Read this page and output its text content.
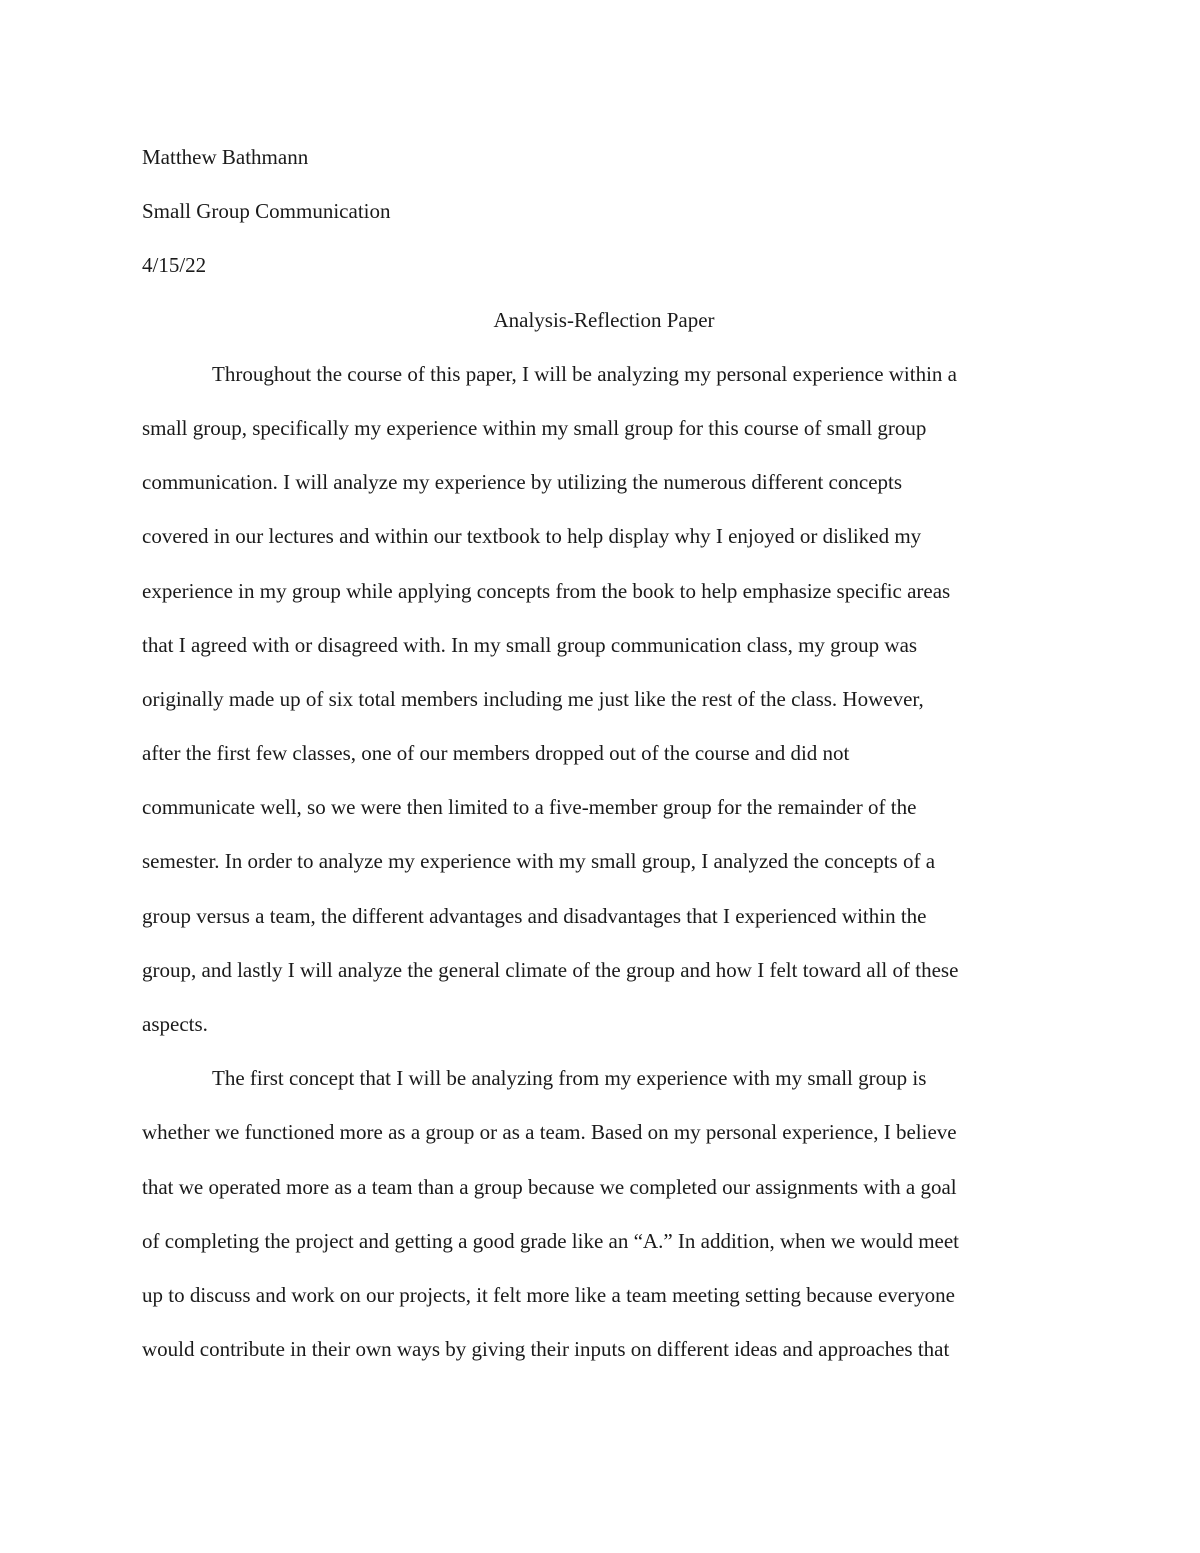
Matthew Bathmann
Small Group Communication
4/15/22
Analysis-Reflection Paper
Throughout the course of this paper, I will be analyzing my personal experience within a
small group, specifically my experience within my small group for this course of small group
communication. I will analyze my experience by utilizing the numerous different concepts
covered in our lectures and within our textbook to help display why I enjoyed or disliked my
experience in my group while applying concepts from the book to help emphasize specific areas
that I agreed with or disagreed with. In my small group communication class, my group was
originally made up of six total members including me just like the rest of the class. However,
after the first few classes, one of our members dropped out of the course and did not
communicate well, so we were then limited to a five-member group for the remainder of the
semester. In order to analyze my experience with my small group, I analyzed the concepts of a
group versus a team, the different advantages and disadvantages that I experienced within the
group, and lastly I will analyze the general climate of the group and how I felt toward all of these
aspects.
The first concept that I will be analyzing from my experience with my small group is
whether we functioned more as a group or as a team. Based on my personal experience, I believe
that we operated more as a team than a group because we completed our assignments with a goal
of completing the project and getting a good grade like an “A.” In addition, when we would meet
up to discuss and work on our projects, it felt more like a team meeting setting because everyone
would contribute in their own ways by giving their inputs on different ideas and approaches that
